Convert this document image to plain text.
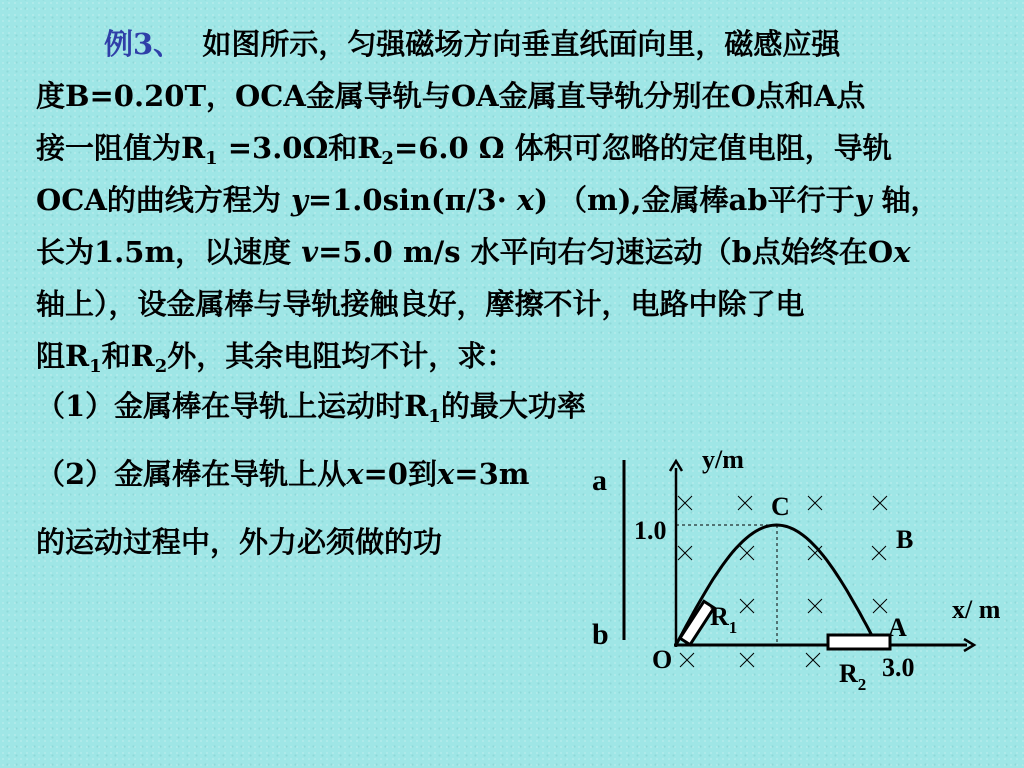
例3、 如图所示，匀强磁场方向垂直纸面向里，磁感应强
度B=0.20T，OCA金属导轨与OA金属直导轨分别在O点和A点
接一阻值为$R_1 =3.0\Omega$和$R_2=6.0$ Ω 体积可忽略的定值电阻，导轨
OCA的曲线方程为 y=1.0sin(π/3· x) （m),金属棒ab平行于y 轴，
长为1.5m，以速度 v=5.0 m/s 水平向右匀速运动（b点始终在Ox
轴上），设金属棒与导轨接触良好，摩擦不计，电路中除了电
阻$R_1$和$R_2$外，其余电阻均不计，求：
（1）金属棒在导轨上运动时$R_1$的最大功率
（2）金属棒在导轨上从x=0到x=3m
的运动过程中，外力必须做的功
a
b
y/m
x/ m
C
B
A
O
1.0
3.0
$R_1$
$R_2$
